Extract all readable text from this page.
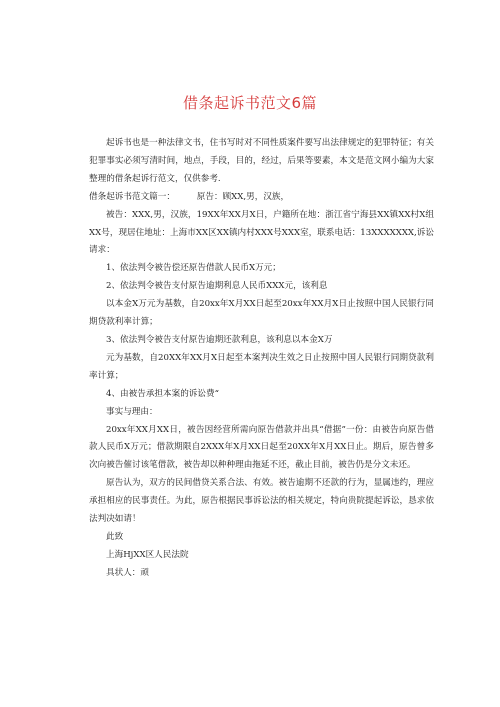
借条起诉书范文6篇

起诉书也是一种法律文书，住书写时对不同性质案件要写出法律规定的犯罪特征；有关犯罪事实必须写清时间，地点，手段，目的，经过，后果等要素，本文是范文网小编为大家整理的借条起诉行范文，仅供参考.

借条起诉书范文篇一：        原告：顾XX,男，汉族，

被告：XXX,男，汉族，19XX年XX月X日，户籍所在地：浙江省宁海县XX镇XX村X组XX号，现居住地址：上海市XX区XX镇内村XXX号XXX室，联系电话：13XXXXXXX,诉讼请求：

1、依法判令被告偿还原告借款人民币X万元；

2、依法判令被告支付原告逾期利息人民币XXX元，该利息

以本金X万元为基数，自20xx年X月XX日起至20xx年XX月X日止按照中国人民银行同期贷款利率计算；

3、依法判令被告支付原告逾期还款利息，该利息以本金X万

元为基数，自20XX年XX月X日起至本案判决生效之日止按照中国人民银行同期贷款利率计算；

4、由被告承担本案的诉讼费“

事实与理由：

20xx年XX月XX日，被告因经营所需向原告借款并出具“借据”一份：由被告向原告借款人民币X万元；借款期限自2XXX年X月XX日起至20XX年X月XX日止。期后，原告曾多次向被告催讨该笔借款，被告却以种种理由拖延不还，截止目前，被告仍是分文未还。

原告认为，双方的民间借贷关系合法、有效。被告逾期不还款的行为，显属违约，理应承担相应的民事责任。为此，原告根据民事诉讼法的相关规定，特向贵院提起诉讼，恳求依法判决如请！

此致

上海HjXX区人民法院

具状人：顽
